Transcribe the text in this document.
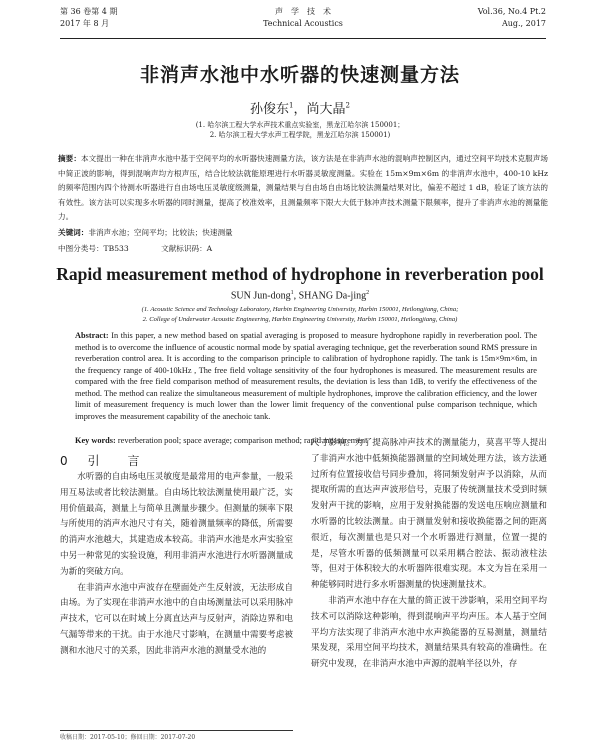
第 36 卷第 4 期
2017 年 8 月
声　学　技　术
Technical Acoustics
Vol.36, No.4 Pt.2
Aug., 2017
非消声水池中水听器的快速测量方法
孙俊东$^1$，尚大晶$^2$
(1. 哈尔滨工程大学水声技术重点实验室，黑龙江哈尔滨 150001；
2. 哈尔滨工程大学水声工程学院，黑龙江哈尔滨 150001)
摘要：本文提出一种在非消声水池中基于空间平均的水听器快速测量方法，该方法是在非消声水池的混响声控制区内，通过空间平均技术克服声场中简正波的影响，得到混响声均方根声压，结合比较法就能原理进行水听器灵敏度测量。实验在 15m×9m×6m 的非消声水池中，400-10 kHz 的频率范围内四个待测水听器进行自由场电压灵敏度级测量，测量结果与自由场自由场比较法测量结果对比，偏差不超过 1 dB，验证了该方法的有效性。该方法可以实现多水听器的同时测量，提高了校准效率，且测量频率下限大大低于脉冲声技术测量下限频率，提升了非消声水池的测量能力。
关键词：非消声水池；空间平均；比较法；快速测量
中图分类号：TB533	文献标识码：A
Rapid measurement method of hydrophone in reverberation pool
SUN Jun-dong$^1$, SHANG Da-jing$^2$
(1. Acoustic Science and Technology Laboratory, Harbin Engineering University, Harbin 150001, Heilongjiang, China;
2. College of Underwater Acoustic Engineering, Harbin Engineering University, Harbin 150001, Heilongjiang, China)
Abstract: In this paper, a new method based on spatial averaging is proposed to measure hydrophone rapidly in reverberation pool. The method is to overcome the influence of acoustic normal mode by spatial averaging technique, get the reverberation sound RMS pressure in reverberation control area. It is according to the comparison principle to calibration of hydrophone rapidly. The tank is 15m×9m×6m, in the frequency range of 400-10kHz , The free field voltage sensitivity of the four hydrophones is measured. The measurement results are compared with the free field comparison method of measurement results, the deviation is less than 1dB, to verify the effectiveness of the method. The method can realize the simultaneous measurement of multiple hydrophones, improve the calibration efficiency, and the lower limit of measurement frequency is much lower than the lower limit frequency of the conventional pulse comparison technique, which improves the measurement capability of the anechoic tank.
Key words: reverberation pool; space average; comparison method; rapid measurement
0 引　言

水听器的自由场电压灵敏度是最常用的电声参量，一般采用互易法或者比较法测量。自由场比较法测量使用最广泛，实用价值最高，测量上与简单且测量步骤少。但测量的频率下限与所使用的消声水池尺寸有关，随着测量频率的降低，所需要的消声水池越大，其建造成本较高。非消声水池是水声实验室中另一种常见的实验设施，利用非消声水池进行水听器测量成为新的突破方向。

在非消声水池中声波存在壁面处产生反射波，无法形成自由场。为了实现在非消声水池中的自由场测量法可以采用脉冲声技术，它可以在时域上分离直达声与反射声，消除边界和电气漏等带来的干扰。由于水池尺寸影响，在测量中需要考虑被测和水池尺寸的关系，因此非消声水池的测量受水池的

尺寸影响。为了提高脉冲声技术的测量能力，莫喜平等人提出了非消声水池中低频换能器测量的空间域处理方法，该方法通过所有位置接收信号同步叠加，将同频发射声予以消除，从而提取所需的直达声声波形信号，克服了传统测量技术受到时频发射声干扰的影响，应用于发射换能器的发送电压响应测量和水听器的比较法测量。由于测量发射和接收换能器之间的距离很近，每次测量也是只对一个水听器进行测量，位置一提的是，尽管水听器的低频测量可以采用耦合腔法、振动液柱法等，但对于体积较大的水听器阵很难实现。本文为旨在采用一种能够同时进行多水听器测量的快速测量技术。

非消声水池中存在大量的简正波干涉影响，采用空间平均技术可以消除这种影响，得到混响声平均声压。本人基于空间平均方法实现了非消声水池中水声换能器的互易测量，测量结果发现，采用空间平均技术，测量结果具有较高的准确性。在研究中发现，在非消声水池中声源的混响半径以外，存

收稿日期：2017-05-10；修回日期：2017-07-20
